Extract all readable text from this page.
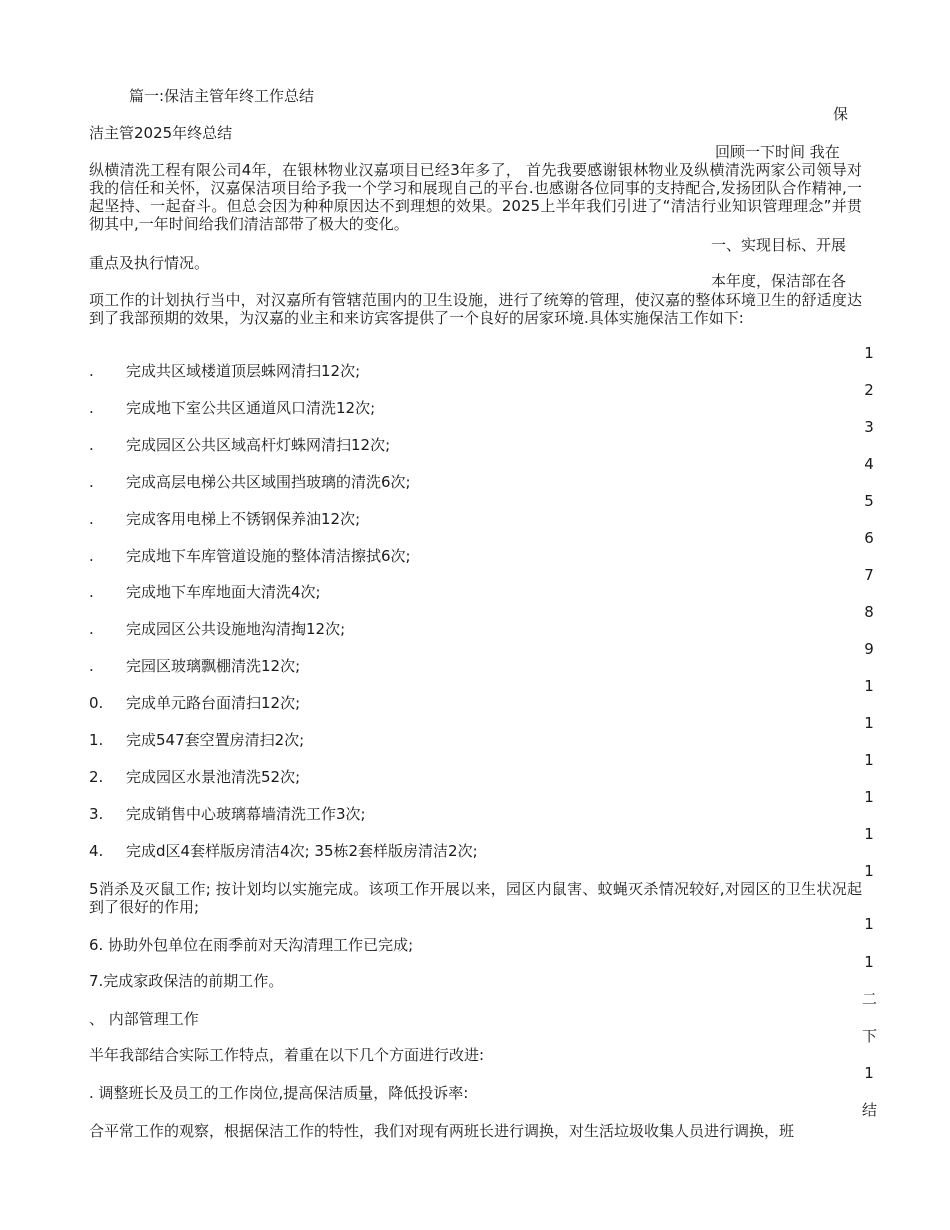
篇一:保洁主管年终工作总结
保
洁主管2025年终总结
回顾一下时间 我在
纵横清洗工程有限公司4年，在银林物业汉嘉项目已经3年多了， 首先我要感谢银林物业及纵横清洗两家公司领导对我的信任和关怀，汉嘉保洁项目给予我一个学习和展现自己的平台.也感谢各位同事的支持配合,发扬团队合作精神,一起坚持、一起奋斗。但总会因为种种原因达不到理想的效果。2025上半年我们引进了“清洁行业知识管理理念”并贯彻其中,一年时间给我们清洁部带了极大的变化。
一、实现目标、开展
重点及执行情况。
本年度，保洁部在各
项工作的计划执行当中，对汉嘉所有管辖范围内的卫生设施，进行了统筹的管理，使汉嘉的整体环境卫生的舒适度达到了我部预期的效果，为汉嘉的业主和来访宾客提供了一个良好的居家环境.具体实施保洁工作如下:
. 完成共区域楼道顶层蛛网清扫12次;
. 完成地下室公共区通道风口清洗12次;
. 完成园区公共区域高杆灯蛛网清扫12次;
. 完成高层电梯公共区域围挡玻璃的清洗6次;
. 完成客用电梯上不锈钢保养油12次;
. 完成地下车库管道设施的整体清洁擦拭6次;
. 完成地下车库地面大清洗4次;
. 完成园区公共设施地沟清掏12次;
. 完园区玻璃飘棚清洗12次;
0. 完成单元路台面清扫12次;
1. 完成547套空置房清扫2次;
2. 完成园区水景池清洗52次;
3. 完成销售中心玻璃幕墙清洗工作3次;
4. 完成d区4套样版房清洁4次; 35栋2套样版房清洁2次;
5消杀及灭鼠工作; 按计划均以实施完成。该项工作开展以来，园区内鼠害、蚊蝇灭杀情况较好,对园区的卫生状况起到了很好的作用;
6. 协助外包单位在雨季前对天沟清理工作已完成;
7.完成家政保洁的前期工作。
、 内部管理工作
半年我部结合实际工作特点，着重在以下几个方面进行改进:
. 调整班长及员工的工作岗位,提高保洁质量，降低投诉率:
合平常工作的观察，根据保洁工作的特性，我们对现有两班长进行调换，对生活垃圾收集人员进行调换，班
1
2
3
4
5
6
7
8
9
1
1
1
1
1
1
1
1
二
下
1
结
